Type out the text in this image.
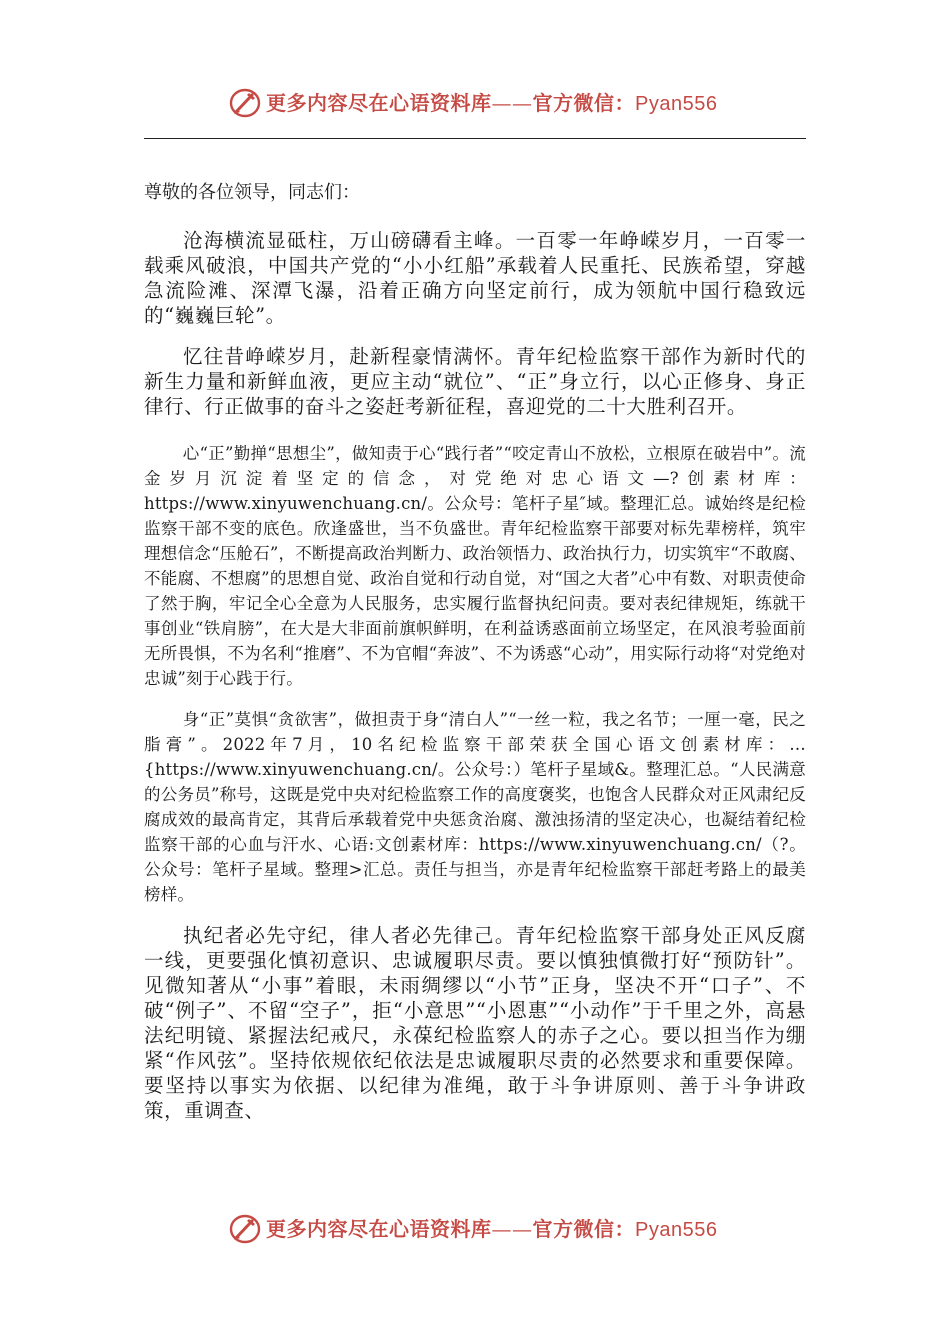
更多内容尽在心语资料库——官方微信：Pyan556

尊敬的各位领导，同志们：

沧海横流显砥柱，万山磅礴看主峰。一百零一年峥嵘岁月，一百零一载乘风破浪，中国共产党的“小小红船”承载着人民重托、民族希望，穿越急流险滩、深潭飞瀑，沿着正确方向坚定前行，成为领航中国行稳致远的“巍巍巨轮”。

忆往昔峥嵘岁月，赴新程豪情满怀。青年纪检监察干部作为新时代的新生力量和新鲜血液，更应主动“就位”、“正”身立行，以心正修身、身正律行、行正做事的奋斗之姿赶考新征程，喜迎党的二十大胜利召开。

心“正”勤掸“思想尘”，做知责于心“践行者”“咬定青山不放松，立根原在破岩中”。流金岁月沉淀着坚定的信念，对党绝对忠心语文—?创素材库：https://www.xinyuwenchuang.cn/。公众号：笔杆子星″域。整理汇总。诚始终是纪检监察干部不变的底色。欣逢盛世，当不负盛世。青年纪检监察干部要对标先辈榜样，筑牢理想信念“压舱石”，不断提高政治判断力、政治领悟力、政治执行力，切实筑牢“不敢腐、不能腐、不想腐”的思想自觉、政治自觉和行动自觉，对“国之大者”心中有数、对职责使命了然于胸，牢记全心全意为人民服务，忠实履行监督执纪问责。要对表纪律规矩，练就干事创业“铁肩膀”，在大是大非面前旗帜鲜明，在利益诱惑面前立场坚定，在风浪考验面前无所畏惧，不为名利“推磨”、不为官帽“奔波”、不为诱惑“心动”，用实际行动将“对党绝对忠诚”刻于心践于行。

身“正”莫惧“贪欲害”，做担责于身“清白人”“一丝一粒，我之名节；一厘一毫，民之脂膏”。2022年7月，10名纪检监察干部荣获全国心语文创素材库：…{https://www.xinyuwenchuang.cn/。公众号：）笔杆子星域&。整理汇总。“人民满意的公务员”称号，这既是党中央对纪检监察工作的高度褒奖，也饱含人民群众对正风肃纪反腐成效的最高肯定，其背后承载着党中央惩贪治腐、激浊扬清的坚定决心，也凝结着纪检监察干部的心血与汗水、心语:文创素材库：https://www.xinyuwenchuang.cn/（?。公众号：笔杆子星域。整理>汇总。责任与担当，亦是青年纪检监察干部赶考路上的最美榜样。

执纪者必先守纪，律人者必先律己。青年纪检监察干部身处正风反腐一线，更要强化慎初意识、忠诚履职尽责。要以慎独慎微打好“预防针”。见微知著从“小事”着眼，未雨绸缪以“小节”正身，坚决不开“口子”、不破“例子”、不留“空子”，拒“小意思”“小恩惠”“小动作”于千里之外，高悬法纪明镜、紧握法纪戒尺，永葆纪检监察人的赤子之心。要以担当作为绷紧“作风弦”。坚持依规依纪依法是忠诚履职尽责的必然要求和重要保障。要坚持以事实为依据、以纪律为准绳，敢于斗争讲原则、善于斗争讲政策，重调查、

更多内容尽在心语资料库——官方微信：Pyan556
